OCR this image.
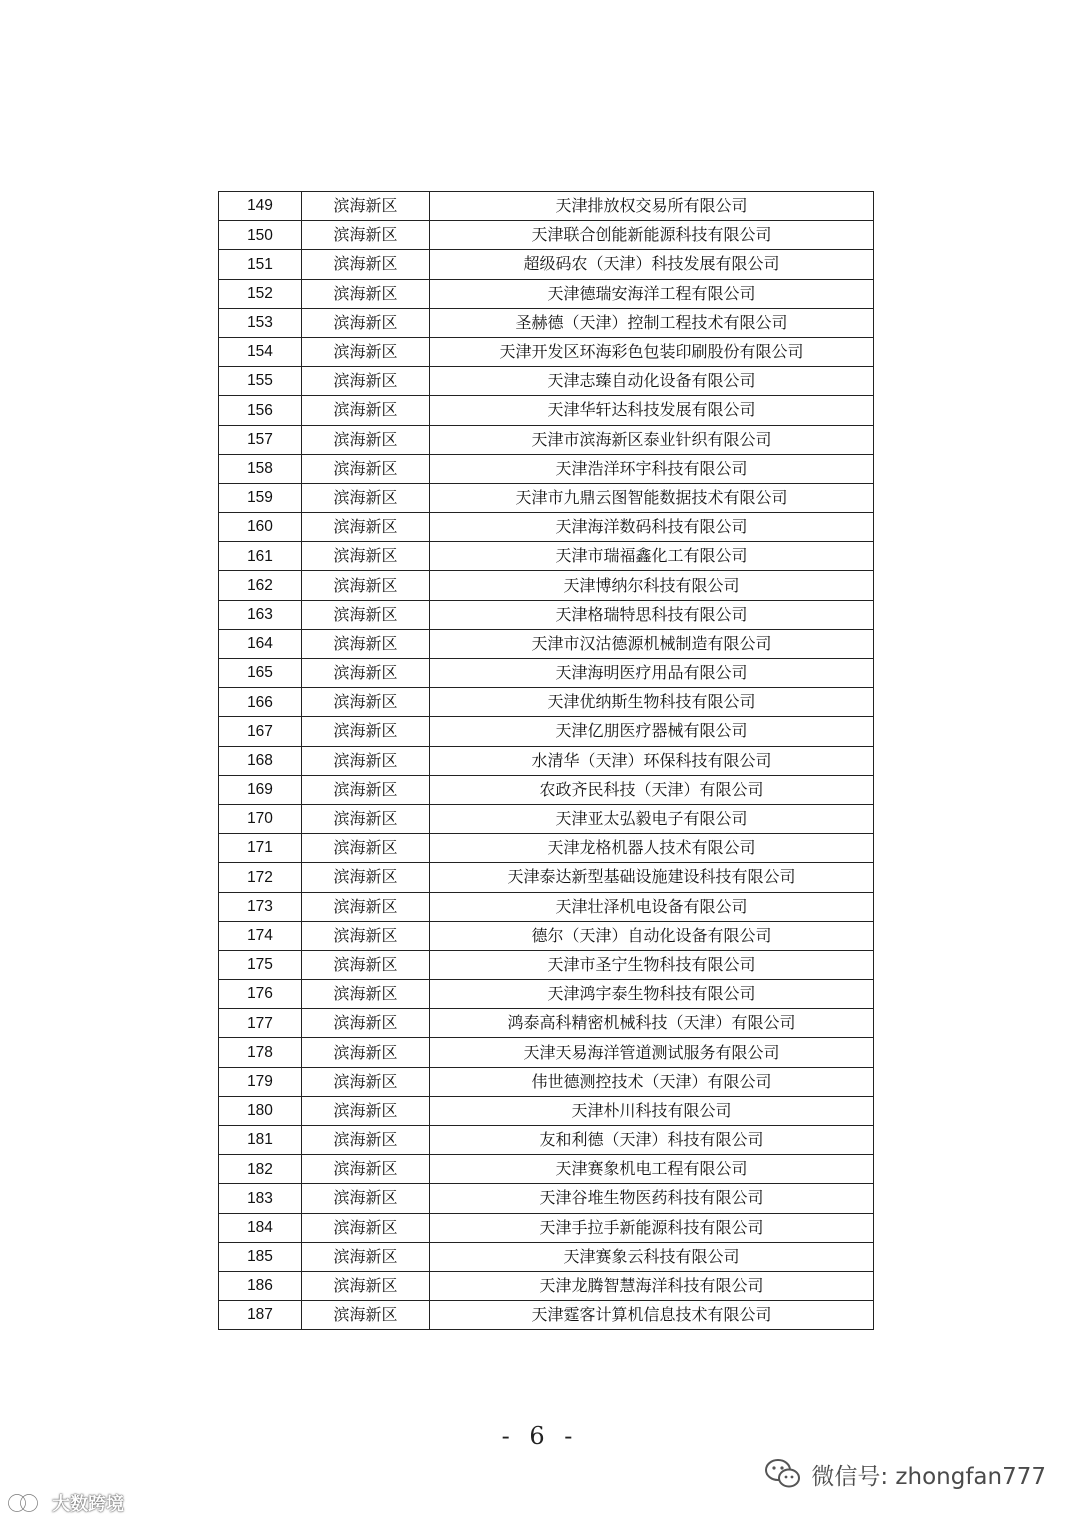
149	滨海新区	天津排放权交易所有限公司
150	滨海新区	天津联合创能新能源科技有限公司
151	滨海新区	超级码农（天津）科技发展有限公司
152	滨海新区	天津德瑞安海洋工程有限公司
153	滨海新区	圣赫德（天津）控制工程技术有限公司
154	滨海新区	天津开发区环海彩色包装印刷股份有限公司
155	滨海新区	天津志臻自动化设备有限公司
156	滨海新区	天津华轩达科技发展有限公司
157	滨海新区	天津市滨海新区泰业针织有限公司
158	滨海新区	天津浩洋环宇科技有限公司
159	滨海新区	天津市九鼎云图智能数据技术有限公司
160	滨海新区	天津海洋数码科技有限公司
161	滨海新区	天津市瑞福鑫化工有限公司
162	滨海新区	天津博纳尔科技有限公司
163	滨海新区	天津格瑞特思科技有限公司
164	滨海新区	天津市汉沽德源机械制造有限公司
165	滨海新区	天津海明医疗用品有限公司
166	滨海新区	天津优纳斯生物科技有限公司
167	滨海新区	天津亿朋医疗器械有限公司
168	滨海新区	水清华（天津）环保科技有限公司
169	滨海新区	农政齐民科技（天津）有限公司
170	滨海新区	天津亚太弘毅电子有限公司
171	滨海新区	天津龙格机器人技术有限公司
172	滨海新区	天津泰达新型基础设施建设科技有限公司
173	滨海新区	天津壮泽机电设备有限公司
174	滨海新区	德尔（天津）自动化设备有限公司
175	滨海新区	天津市圣宁生物科技有限公司
176	滨海新区	天津鸿宇泰生物科技有限公司
177	滨海新区	鸿泰高科精密机械科技（天津）有限公司
178	滨海新区	天津天易海洋管道测试服务有限公司
179	滨海新区	伟世德测控技术（天津）有限公司
180	滨海新区	天津朴川科技有限公司
181	滨海新区	友和利德（天津）科技有限公司
182	滨海新区	天津赛象机电工程有限公司
183	滨海新区	天津谷堆生物医药科技有限公司
184	滨海新区	天津手拉手新能源科技有限公司
185	滨海新区	天津赛象云科技有限公司
186	滨海新区	天津龙腾智慧海洋科技有限公司
187	滨海新区	天津霆客计算机信息技术有限公司
- 6 -
微信号: zhongfan777
大数跨境
